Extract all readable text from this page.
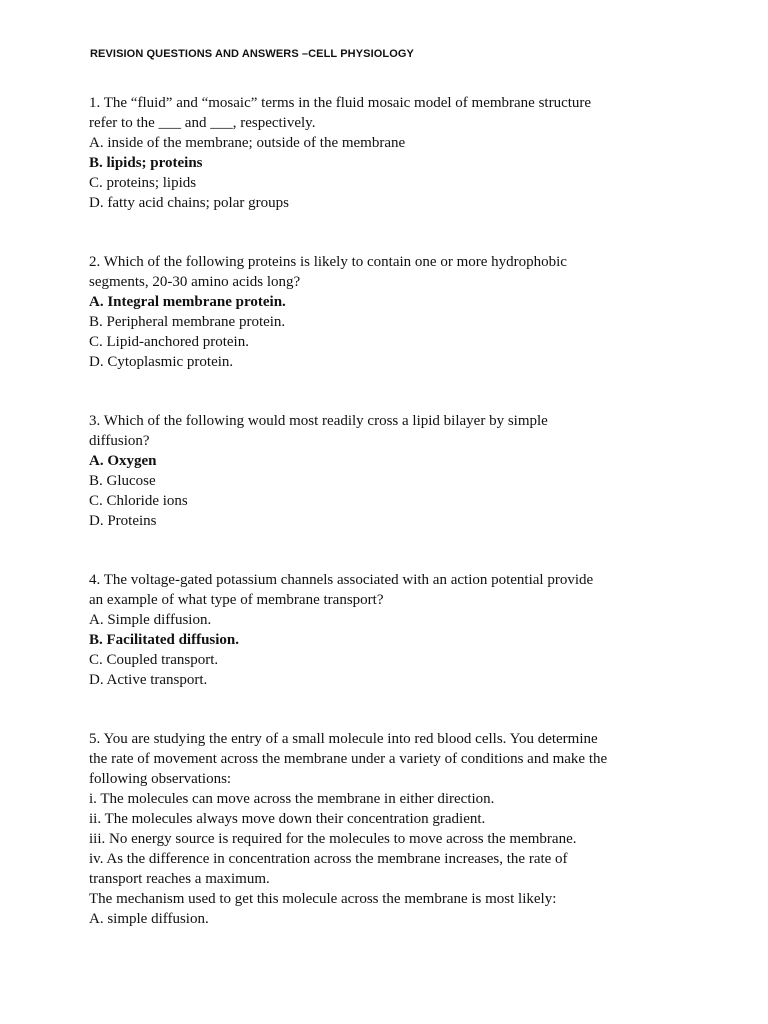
REVISION QUESTIONS AND ANSWERS –CELL PHYSIOLOGY
1. The “fluid” and “mosaic” terms in the fluid mosaic model of membrane structure
refer to the ___ and ___, respectively.
A. inside of the membrane; outside of the membrane
B. lipids; proteins
C. proteins; lipids
D. fatty acid chains; polar groups
2. Which of the following proteins is likely to contain one or more hydrophobic
segments, 20-30 amino acids long?
A. Integral membrane protein.
B. Peripheral membrane protein.
C. Lipid-anchored protein.
D. Cytoplasmic protein.
3. Which of the following would most readily cross a lipid bilayer by simple
diffusion?
A. Oxygen
B. Glucose
C. Chloride ions
D. Proteins
4. The voltage-gated potassium channels associated with an action potential provide
an example of what type of membrane transport?
A. Simple diffusion.
B. Facilitated diffusion.
C. Coupled transport.
D. Active transport.
5. You are studying the entry of a small molecule into red blood cells. You determine
the rate of movement across the membrane under a variety of conditions and make the
following observations:
i. The molecules can move across the membrane in either direction.
ii. The molecules always move down their concentration gradient.
iii. No energy source is required for the molecules to move across the membrane.
iv. As the difference in concentration across the membrane increases, the rate of
transport reaches a maximum.
The mechanism used to get this molecule across the membrane is most likely:
A. simple diffusion.
